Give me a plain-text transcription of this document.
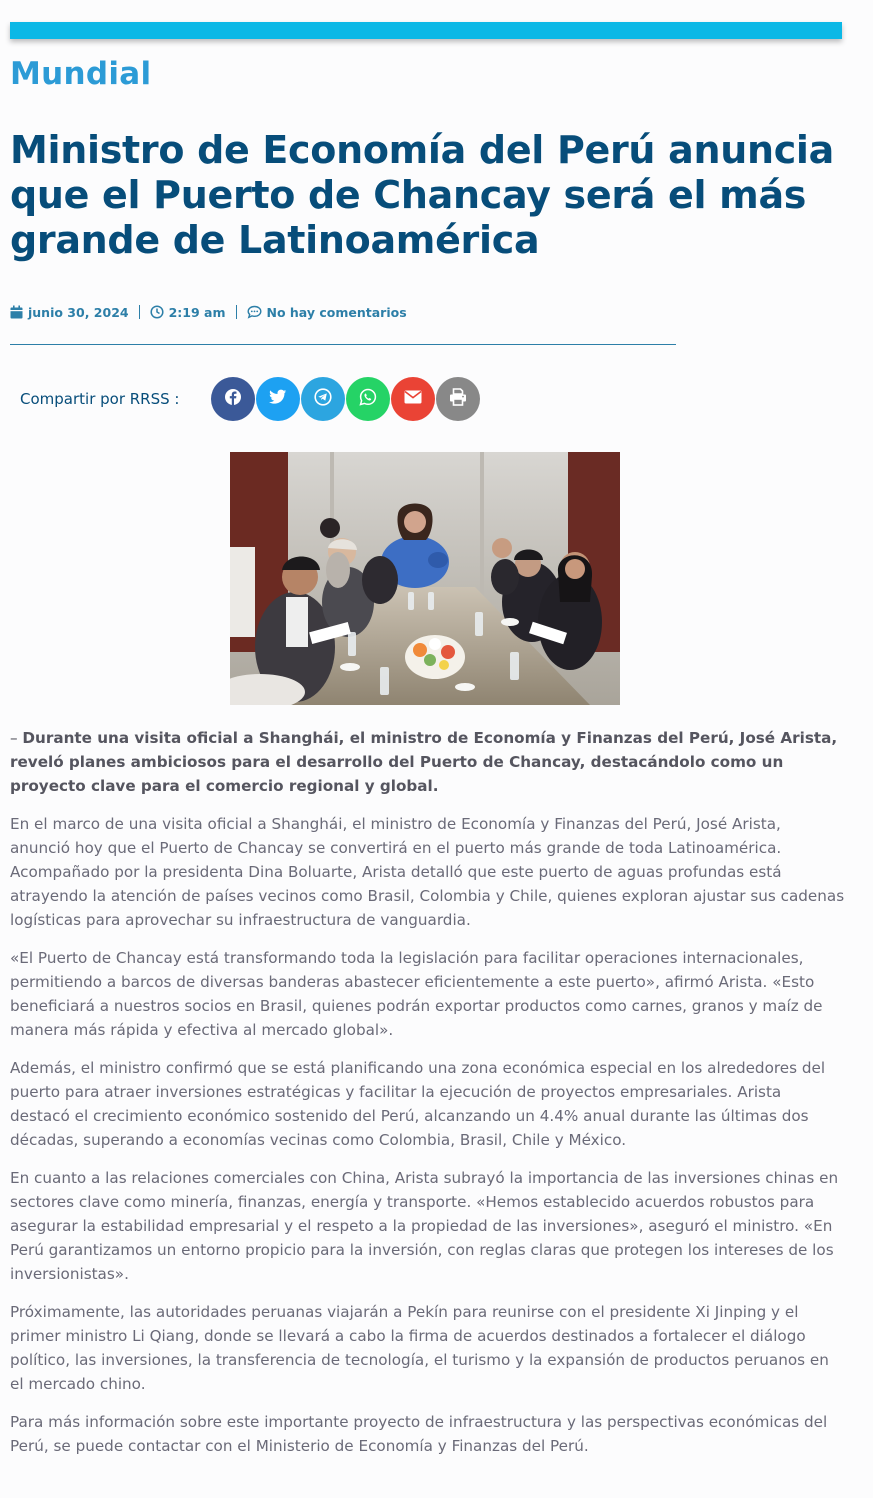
Mundial
Ministro de Economía del Perú anuncia que el Puerto de Chancay será el más grande de Latinoamérica
junio 30, 2024	2:19 am	No hay comentarios
Compartir por RRSS :

– Durante una visita oficial a Shanghái, el ministro de Economía y Finanzas del Perú, José Arista, reveló planes ambiciosos para el desarrollo del Puerto de Chancay, destacándolo como un proyecto clave para el comercio regional y global.

En el marco de una visita oficial a Shanghái, el ministro de Economía y Finanzas del Perú, José Arista, anunció hoy que el Puerto de Chancay se convertirá en el puerto más grande de toda Latinoamérica. Acompañado por la presidenta Dina Boluarte, Arista detalló que este puerto de aguas profundas está atrayendo la atención de países vecinos como Brasil, Colombia y Chile, quienes exploran ajustar sus cadenas logísticas para aprovechar su infraestructura de vanguardia.

«El Puerto de Chancay está transformando toda la legislación para facilitar operaciones internacionales, permitiendo a barcos de diversas banderas abastecer eficientemente a este puerto», afirmó Arista. «Esto beneficiará a nuestros socios en Brasil, quienes podrán exportar productos como carnes, granos y maíz de manera más rápida y efectiva al mercado global».

Además, el ministro confirmó que se está planificando una zona económica especial en los alrededores del puerto para atraer inversiones estratégicas y facilitar la ejecución de proyectos empresariales. Arista destacó el crecimiento económico sostenido del Perú, alcanzando un 4.4% anual durante las últimas dos décadas, superando a economías vecinas como Colombia, Brasil, Chile y México.

En cuanto a las relaciones comerciales con China, Arista subrayó la importancia de las inversiones chinas en sectores clave como minería, finanzas, energía y transporte. «Hemos establecido acuerdos robustos para asegurar la estabilidad empresarial y el respeto a la propiedad de las inversiones», aseguró el ministro. «En Perú garantizamos un entorno propicio para la inversión, con reglas claras que protegen los intereses de los inversionistas».

Próximamente, las autoridades peruanas viajarán a Pekín para reunirse con el presidente Xi Jinping y el primer ministro Li Qiang, donde se llevará a cabo la firma de acuerdos destinados a fortalecer el diálogo político, las inversiones, la transferencia de tecnología, el turismo y la expansión de productos peruanos en el mercado chino.

Para más información sobre este importante proyecto de infraestructura y las perspectivas económicas del Perú, se puede contactar con el Ministerio de Economía y Finanzas del Perú.
